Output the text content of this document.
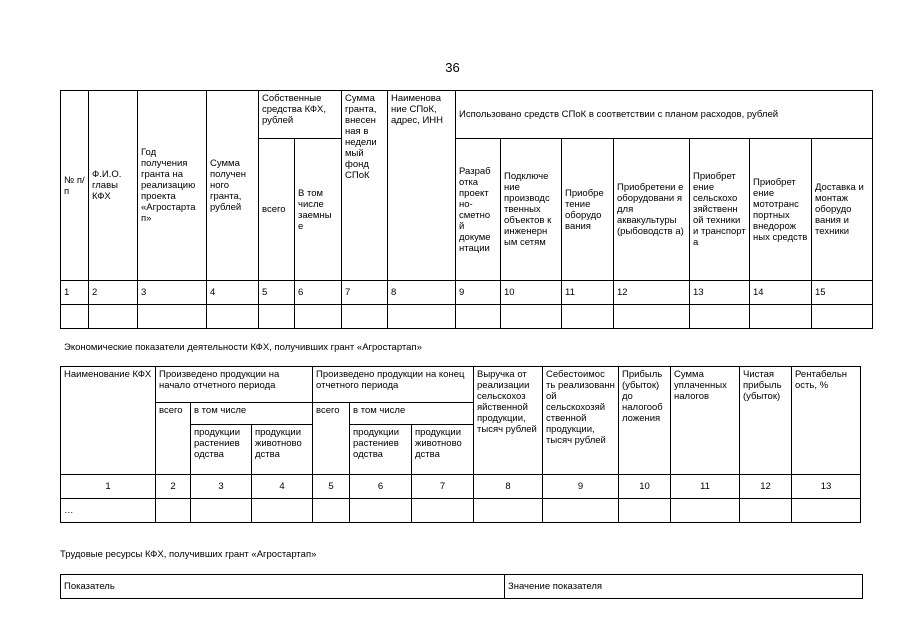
36
№ п/п	Ф.И.О. главы КФХ	Год получения гранта на реализацию проекта «Агростарта п»	Сумма получен ного гранта, рублей	Собственные средства КФХ, рублей		Сумма гранта, внесен ная в недели мый фонд СПоК	Наименова ние СПоК, адрес, ИНН	Использовано средств СПоК в соответствии с планом расходов, рублей						
				всего	В том числе заемны е			Разраб отка проект но-сметно й докуме нтации	Подключе ние производс твенных объектов к инженерн ым сетям	Приобре тение оборудо вания	Приобретени е оборудовани я для аквакультуры (рыбоводств а)	Приобрет ение сельскохо зяйственн ой техники и транспорт а	Приобрет ение мототранс портных внедорож ных средств	Доставка и монтаж оборудо вания и техники
1	2	3	4	5	6	7	8	9	10	11	12	13	14	15

Экономические показатели деятельности КФХ, получивших грант «Агростартап»
Наименование КФХ	Произведено продукции на начало отчетного периода			Произведено продукции на конец отчетного периода			Выручка от реализации сельскохоз яйственной продукции, тысяч рублей	Себестоимос ть реализованн ой сельскохозяй ственной продукции, тысяч рублей	Прибыль (убыток) до налогооб ложения	Сумма уплаченных налогов	Чистая прибыль (убыток)	Рентабельн ость, %
	всего	в том числе		всего	в том числе							
		продукции растениев одства	продукции животново дства		продукции растениев одства	продукции животново дства						
1	2	3	4	5	6	7	8	9	10	11	12	13
…												
Трудовые ресурсы КФХ, получивших грант «Агростартап»
Показатель	Значение показателя
